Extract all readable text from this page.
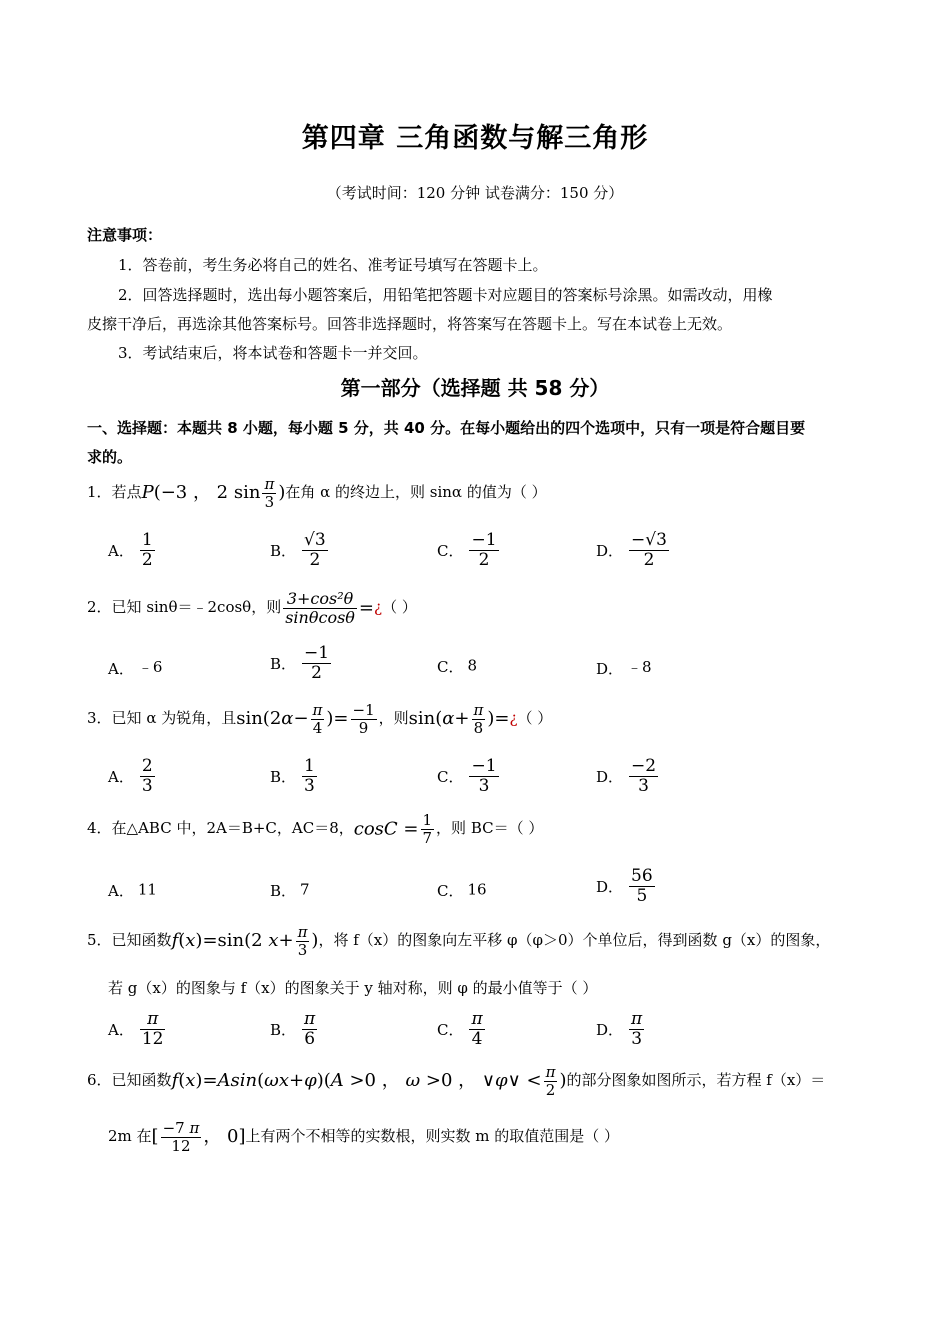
第四章 三角函数与解三角形
（考试时间：120 分钟 试卷满分：150 分）
注意事项：
1．答卷前，考生务必将自己的姓名、准考证号填写在答题卡上。
2．回答选择题时，选出每小题答案后，用铅笔把答题卡对应题目的答案标号涂黑。如需改动，用橡
皮擦干净后，再选涂其他答案标号。回答非选择题时，将答案写在答题卡上。写在本试卷上无效。
3．考试结束后，将本试卷和答题卡一并交回。
第一部分（选择题 共 58 分）
一、选择题：本题共 8 小题，每小题 5 分，共 40 分。在每小题给出的四个选项中，只有一项是符合题目要
求的。
1．若点P(−3 ， 2 $\sin \frac{\pi}{3}$ )在角 α 的终边上，则 sinα 的值为（ ）
A． $\frac{1}{2}$	B． $\frac{√3}{2}$	C． $\frac{-1}{2}$	D． $\frac{-√3}{2}$
2．已知 sinθ＝﹣2cosθ，则 $\frac{\text{3+cos²θ}}{\sin\theta\cos\theta}$ =¿（ ）
A． ﹣6	B． $\frac{-1}{2}$	C． 8	D． ﹣8
3．已知 α 为锐角，且$\sin(2\alpha- \frac{\pi}{4}$ )= $\frac{-1}{9}$ ，则$\sin(\alpha+ \frac{\pi}{8}$ )=¿（ ）
A． $\frac{2}{3}$	B． $\frac{1}{3}$	C． $\frac{-1}{3}$	D． $\frac{-2}{3}$
4．在△ABC 中，2A＝B+C，AC＝8，$\cos C = \frac{1}{7}$ ，则 BC＝（ ）
A． 11	B． 7	C． 16	D． $\frac{56}{5}$
5．已知函数f(x)=sin(2 $x+ \frac{\pi}{3}$ )，将 f（x）的图象向左平移 φ（φ＞0）个单位后，得到函数 g（x）的图象，
若 g（x）的图象与 f（x）的图象关于 y 轴对称，则 φ 的最小值等于（ ）
A． $\frac{\pi}{12}$	B． $\frac{\pi}{6}$	C． $\frac{\pi}{4}$	D． $\frac{\pi}{3}$
6．已知函数f(x)=Asin(ωx+φ)(A >0 ， ω >0 ， ∨φ∨ < $\frac{\pi}{2}$ )的部分图象如图所示，若方程 f（x）＝
2m 在[ $\frac{-7 \pi}{12}$ ， 0]上有两个不相等的实数根，则实数 m 的取值范围是（ ）
